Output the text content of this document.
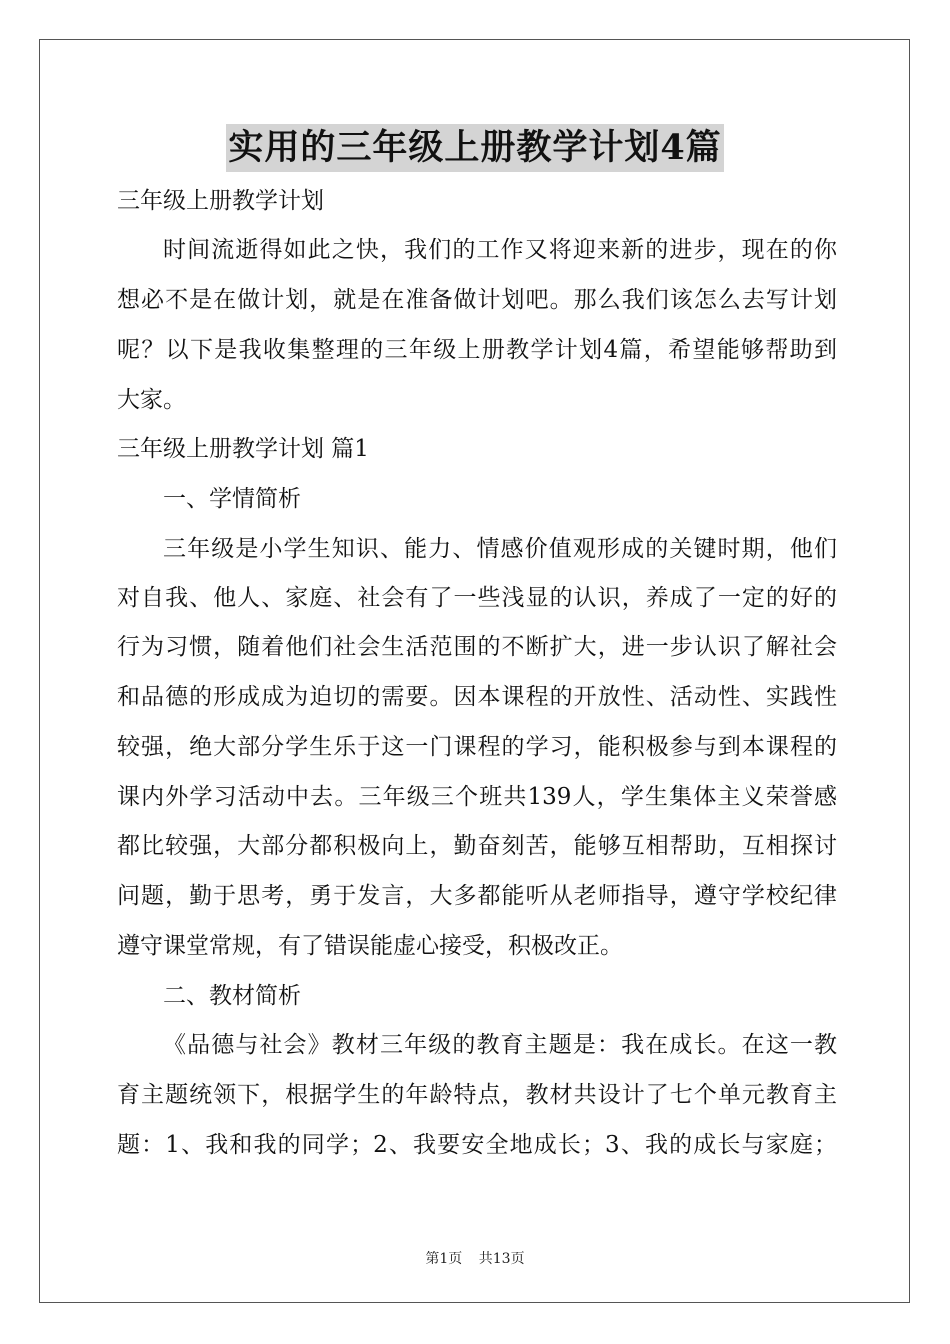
实用的三年级上册教学计划4篇
三年级上册教学计划
时间流逝得如此之快，我们的工作又将迎来新的进步，现在的你
想必不是在做计划，就是在准备做计划吧。那么我们该怎么去写计划
呢？以下是我收集整理的三年级上册教学计划4篇，希望能够帮助到
大家。
三年级上册教学计划 篇1
一、学情简析
三年级是小学生知识、能力、情感价值观形成的关键时期，他们
对自我、他人、家庭、社会有了一些浅显的认识，养成了一定的好的
行为习惯，随着他们社会生活范围的不断扩大，进一步认识了解社会
和品德的形成成为迫切的需要。因本课程的开放性、活动性、实践性
较强，绝大部分学生乐于这一门课程的学习，能积极参与到本课程的
课内外学习活动中去。三年级三个班共139人，学生集体主义荣誉感
都比较强，大部分都积极向上，勤奋刻苦，能够互相帮助，互相探讨
问题，勤于思考，勇于发言，大多都能听从老师指导，遵守学校纪律
遵守课堂常规，有了错误能虚心接受，积极改正。
二、教材简析
《品德与社会》教材三年级的教育主题是：我在成长。在这一教
育主题统领下，根据学生的年龄特点，教材共设计了七个单元教育主
题：1、我和我的同学；2、我要安全地成长；3、我的成长与家庭；
第1页 共13页
